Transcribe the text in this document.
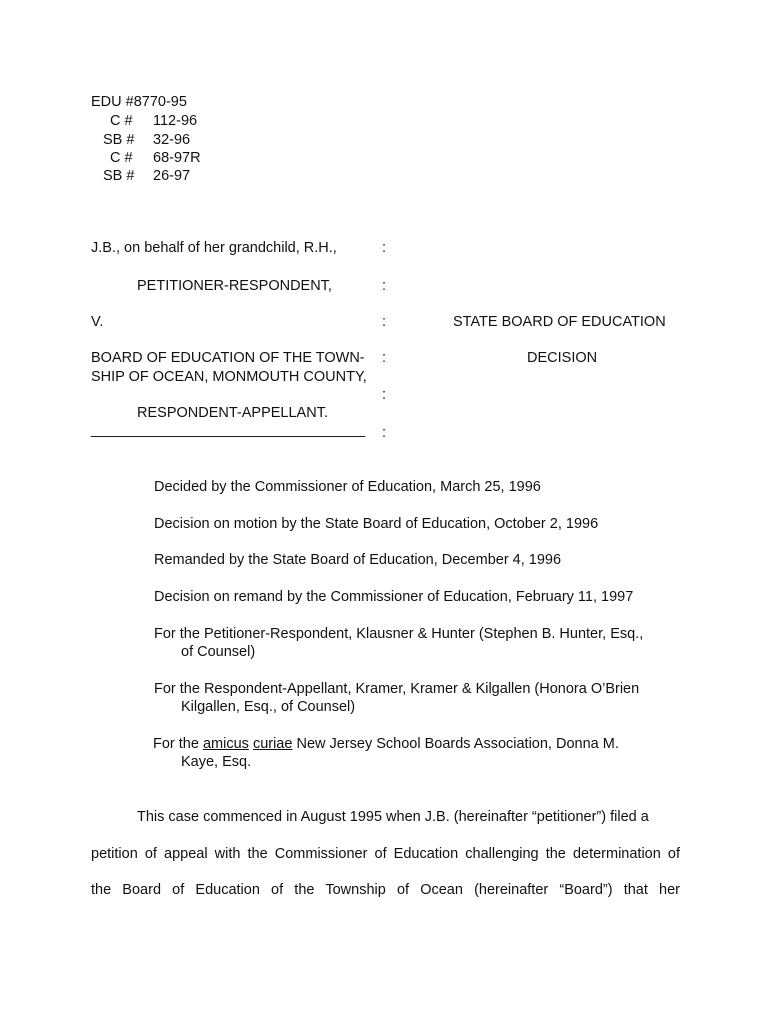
EDU #8770-95
C # 112-96
SB # 32-96
C # 68-97R
SB # 26-97
J.B., on behalf of her grandchild, R.H.,	:
PETITIONER-RESPONDENT,	:
V.	:	STATE BOARD OF EDUCATION
BOARD OF EDUCATION OF THE TOWN- :	DECISION
SHIP OF OCEAN, MONMOUTH COUNTY,
:
RESPONDENT-APPELLANT.
__________________________________ :
Decided by the Commissioner of Education, March 25, 1996
Decision on motion by the State Board of Education, October 2, 1996
Remanded by the State Board of Education, December 4, 1996
Decision on remand by the Commissioner of Education, February 11, 1997
For the Petitioner-Respondent, Klausner & Hunter (Stephen B. Hunter, Esq.,
of Counsel)
For the Respondent-Appellant, Kramer, Kramer & Kilgallen (Honora O’Brien
Kilgallen, Esq., of Counsel)
For the amicus curiae New Jersey School Boards Association, Donna M.
Kaye, Esq.
This case commenced in August 1995 when J.B. (hereinafter “petitioner”) filed a
petition of appeal with the Commissioner of Education challenging the determination of
the Board of Education of the Township of Ocean (hereinafter “Board”) that her
